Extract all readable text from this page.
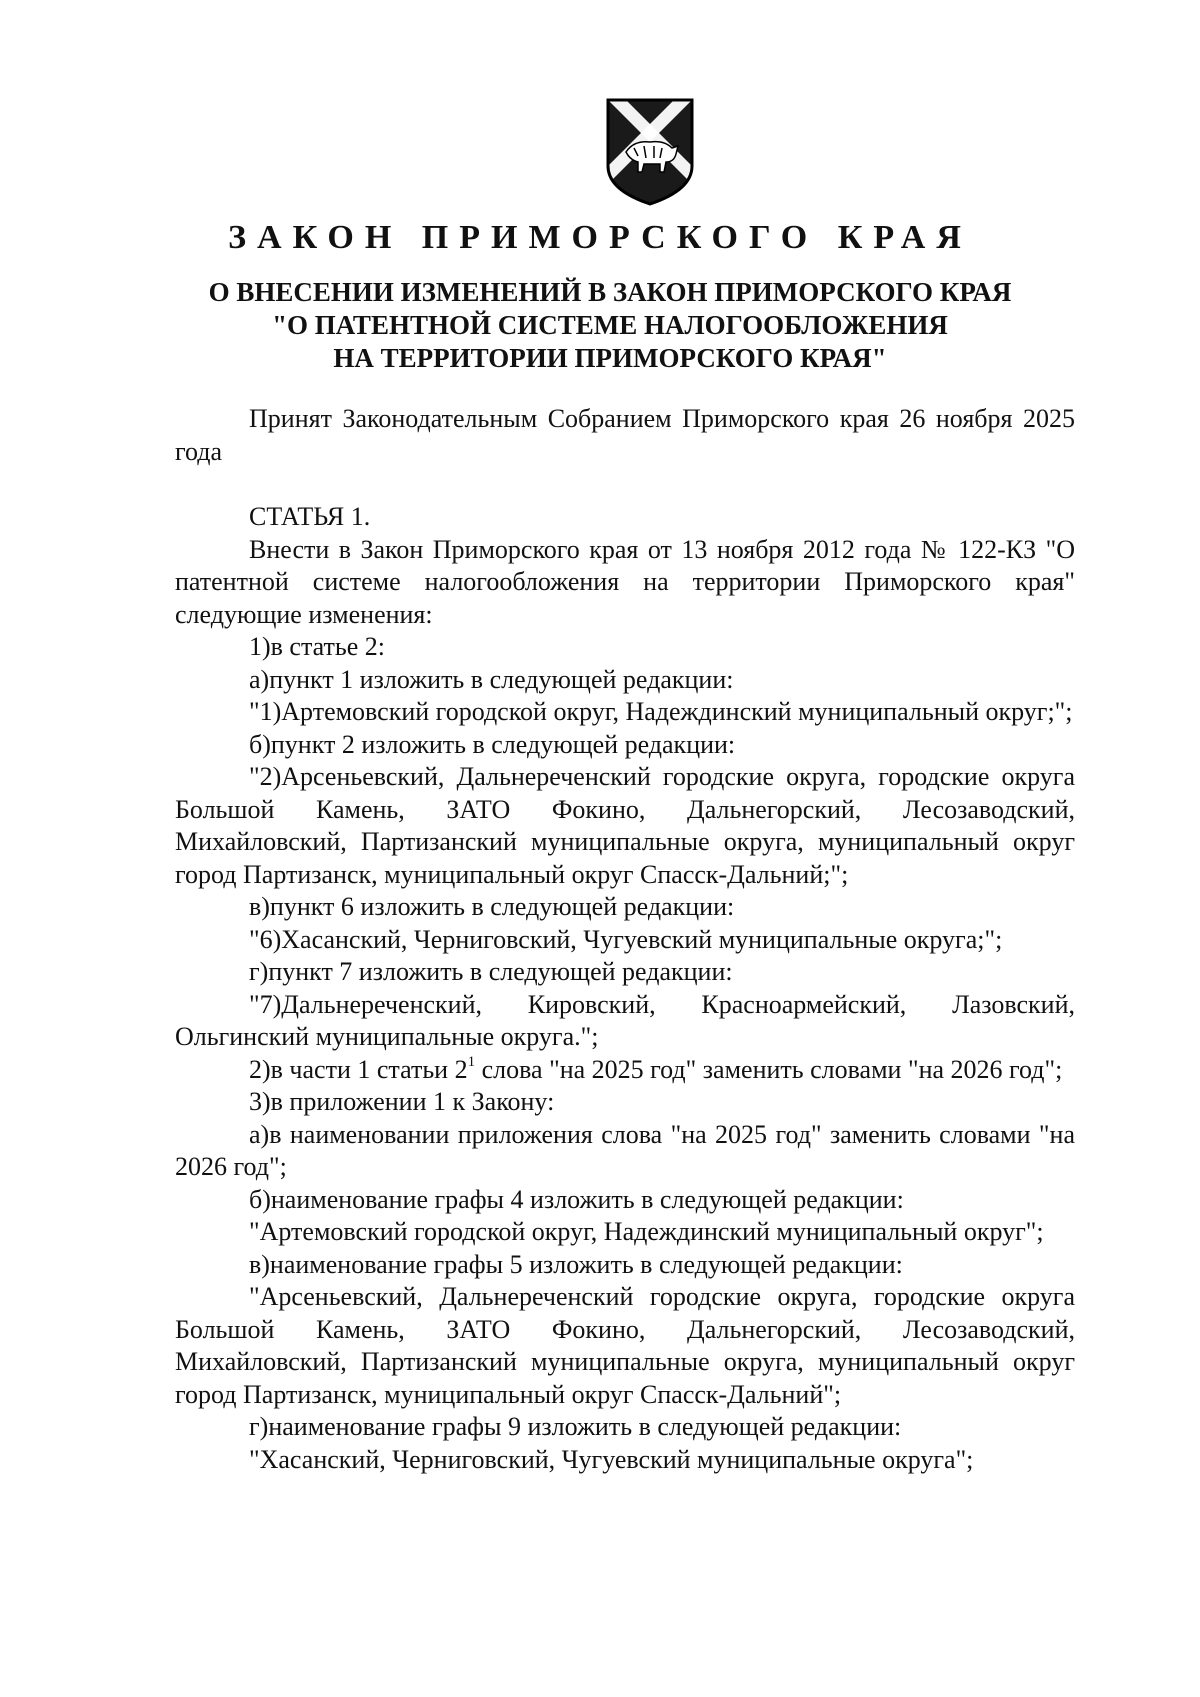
ЗАКОН ПРИМОРСКОГО КРАЯ
О ВНЕСЕНИИ ИЗМЕНЕНИЙ В ЗАКОН ПРИМОРСКОГО КРАЯ
"О ПАТЕНТНОЙ СИСТЕМЕ НАЛОГООБЛОЖЕНИЯ
НА ТЕРРИТОРИИ ПРИМОРСКОГО КРАЯ"

Принят Законодательным Собранием Приморского края 26 ноября 2025 года

СТАТЬЯ 1.

Внести в Закон Приморского края от 13 ноября 2012 года № 122-КЗ "О патентной системе налогообложения на территории Приморского края" следующие изменения:

1)в статье 2:

а)пункт 1 изложить в следующей редакции:

"1)Артемовский городской округ, Надеждинский муниципальный округ;";

б)пункт 2 изложить в следующей редакции:

"2)Арсеньевский, Дальнереченский городские округа, городские округа Большой Камень, ЗАТО Фокино, Дальнегорский, Лесозаводский, Михайловский, Партизанский муниципальные округа, муниципальный округ город Партизанск, муниципальный округ Спасск-Дальний;";

в)пункт 6 изложить в следующей редакции:

"6)Хасанский, Черниговский, Чугуевский муниципальные округа;";

г)пункт 7 изложить в следующей редакции:

"7)Дальнереченский, Кировский, Красноармейский, Лазовский, Ольгинский муниципальные округа.";

2)в части 1 статьи $2^1$ слова "на 2025 год" заменить словами "на 2026 год";

3)в приложении 1 к Закону:

а)в наименовании приложения слова "на 2025 год" заменить словами "на 2026 год";

б)наименование графы 4 изложить в следующей редакции:

"Артемовский городской округ, Надеждинский муниципальный округ";

в)наименование графы 5 изложить в следующей редакции:

"Арсеньевский, Дальнереченский городские округа, городские округа Большой Камень, ЗАТО Фокино, Дальнегорский, Лесозаводский, Михайловский, Партизанский муниципальные округа, муниципальный округ город Партизанск, муниципальный округ Спасск-Дальний";

г)наименование графы 9 изложить в следующей редакции:

"Хасанский, Черниговский, Чугуевский муниципальные округа";
